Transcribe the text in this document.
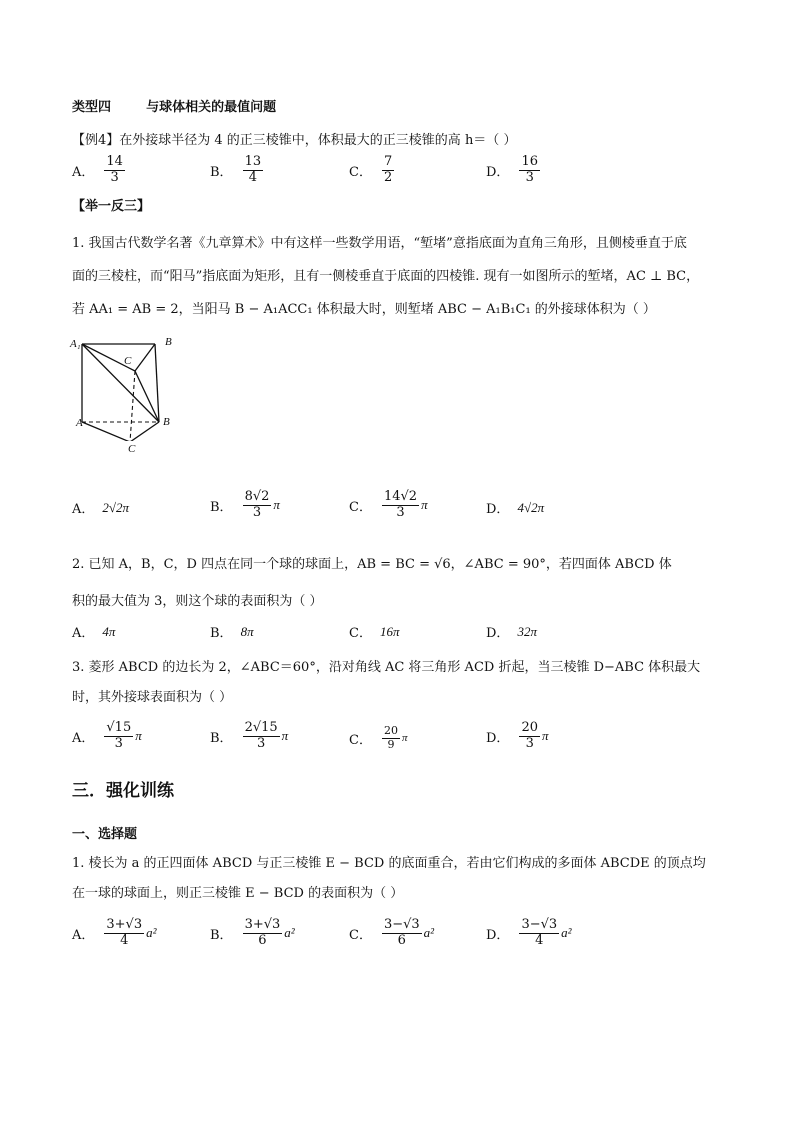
类型四	与球体相关的最值问题
【例4】在外接球半径为 4 的正三棱锥中，体积最大的正三棱锥的高 h＝（ ）
A． $\frac{14}{3}$	B． $\frac{13}{4}$	C． $\frac{7}{2}$	D． $\frac{16}{3}$
【举一反三】
1. 我国古代数学名著《九章算术》中有这样一些数学用语，“堑堵”意指底面为直角三角形，且侧棱垂直于底
面的三棱柱，而“阳马”指底面为矩形，且有一侧棱垂直于底面的四棱锥. 现有一如图所示的堑堵，AC ⊥ BC，
若 AA₁ = AB = 2，当阳马 B − A₁ACC₁ 体积最大时，则堑堵 ABC − A₁B₁C₁ 的外接球体积为（ ）
A₁	B
C
A	B
C
A． 2√2π	B． $\frac{8√2}{3}$ π	C． $\frac{14√2}{3}$ π	D． 4√2π
2. 已知 A，B，C，D 四点在同一个球的球面上，AB = BC = √6，∠ABC = 90°，若四面体 ABCD 体
积的最大值为 3，则这个球的表面积为（ ）
A． 4π	B． 8π	C． 16π	D． 32π
3. 菱形 ABCD 的边长为 2，∠ABC＝60°，沿对角线 AC 将三角形 ACD 折起，当三棱锥 D−ABC 体积最大
时，其外接球表面积为（ ）
A． $\frac{√15}{3}$ π	B． $\frac{2√15}{3}$ π	C． $\frac{20}{9}$ π	D． $\frac{20}{3}$ π
三．强化训练
一、选择题
1. 棱长为 a 的正四面体 ABCD 与正三棱锥 E − BCD 的底面重合，若由它们构成的多面体 ABCDE 的顶点均
在一球的球面上，则正三棱锥 E − BCD 的表面积为（ ）
A． $\frac{3+√3}{4} a^2$	B． $\frac{3+√3}{6} a^2$	C． $\frac{3-√3}{6} a^2$	D． $\frac{3-√3}{4} a^2$
